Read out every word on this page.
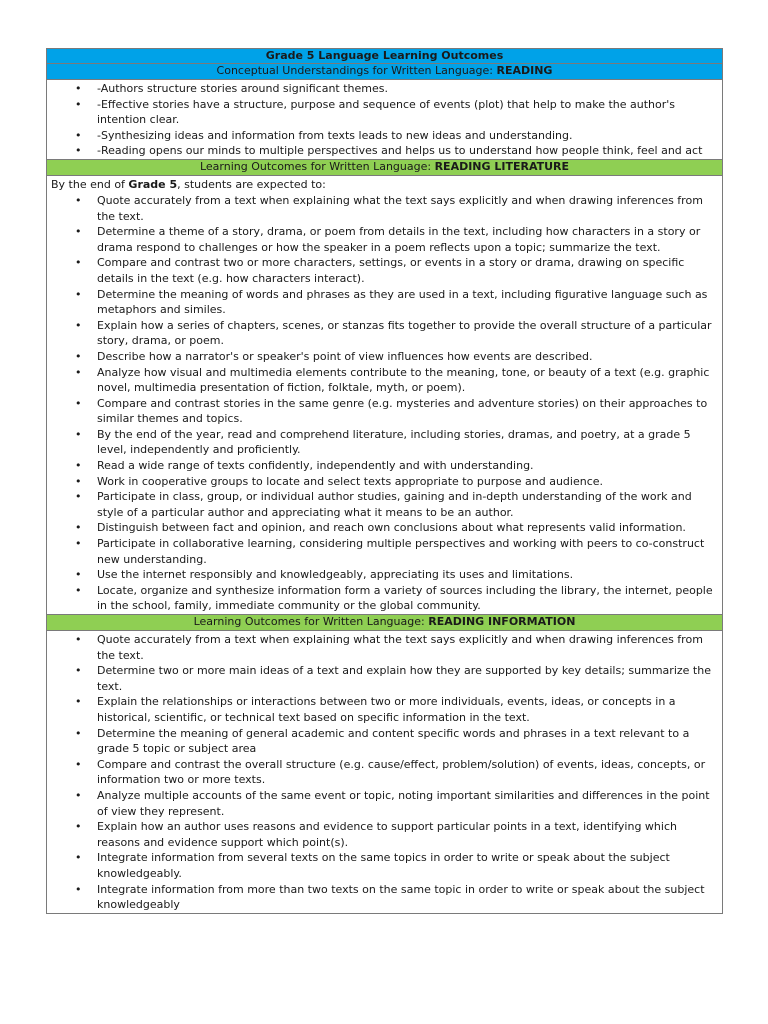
Grade 5 Language Learning Outcomes
Conceptual Understandings for Written Language: READING
• -Authors structure stories around significant themes.
• -Effective stories have a structure, purpose and sequence of events (plot) that help to make the author's intention clear.
• -Synthesizing ideas and information from texts leads to new ideas and understanding.
• -Reading opens our minds to multiple perspectives and helps us to understand how people think, feel and act
Learning Outcomes for Written Language: READING LITERATURE
By the end of Grade 5, students are expected to:
• Quote accurately from a text when explaining what the text says explicitly and when drawing inferences from the text.
• Determine a theme of a story, drama, or poem from details in the text, including how characters in a story or drama respond to challenges or how the speaker in a poem reflects upon a topic; summarize the text.
• Compare and contrast two or more characters, settings, or events in a story or drama, drawing on specific details in the text (e.g. how characters interact).
• Determine the meaning of words and phrases as they are used in a text, including figurative language such as metaphors and similes.
• Explain how a series of chapters, scenes, or stanzas fits together to provide the overall structure of a particular story, drama, or poem.
• Describe how a narrator's or speaker's point of view influences how events are described.
• Analyze how visual and multimedia elements contribute to the meaning, tone, or beauty of a text (e.g. graphic novel, multimedia presentation of fiction, folktale, myth, or poem).
• Compare and contrast stories in the same genre (e.g. mysteries and adventure stories) on their approaches to similar themes and topics.
• By the end of the year, read and comprehend literature, including stories, dramas, and poetry, at a grade 5 level, independently and proficiently.
• Read a wide range of texts confidently, independently and with understanding.
• Work in cooperative groups to locate and select texts appropriate to purpose and audience.
• Participate in class, group, or individual author studies, gaining and in-depth understanding of the work and style of a particular author and appreciating what it means to be an author.
• Distinguish between fact and opinion, and reach own conclusions about what represents valid information.
• Participate in collaborative learning, considering multiple perspectives and working with peers to co-construct new understanding.
• Use the internet responsibly and knowledgeably, appreciating its uses and limitations.
• Locate, organize and synthesize information form a variety of sources including the library, the internet, people in the school, family, immediate community or the global community.
Learning Outcomes for Written Language: READING INFORMATION
• Quote accurately from a text when explaining what the text says explicitly and when drawing inferences from the text.
• Determine two or more main ideas of a text and explain how they are supported by key details; summarize the text.
• Explain the relationships or interactions between two or more individuals, events, ideas, or concepts in a historical, scientific, or technical text based on specific information in the text.
• Determine the meaning of general academic and content specific words and phrases in a text relevant to a grade 5 topic or subject area
• Compare and contrast the overall structure (e.g. cause/effect, problem/solution) of events, ideas, concepts, or information two or more texts.
• Analyze multiple accounts of the same event or topic, noting important similarities and differences in the point of view they represent.
• Explain how an author uses reasons and evidence to support particular points in a text, identifying which reasons and evidence support which point(s).
• Integrate information from several texts on the same topics in order to write or speak about the subject knowledgeably.
• Integrate information from more than two texts on the same topic in order to write or speak about the subject knowledgeably
